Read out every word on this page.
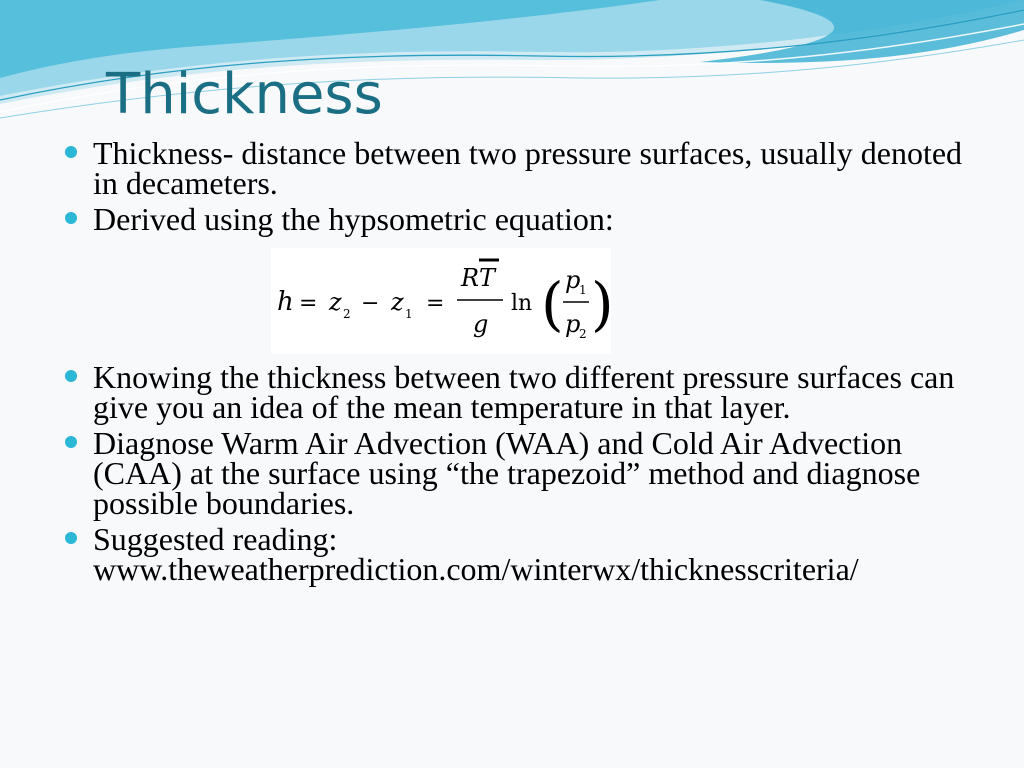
Thickness
Thickness- distance between two pressure surfaces, usually denoted in decameters.
Derived using the hypsometric equation:
h = z 2 − z 1 =
R T
g
ln ( p
1
p
2 )
Knowing the thickness between two different pressure surfaces can give you an idea of the mean temperature in that layer.
Diagnose Warm Air Advection (WAA) and Cold Air Advection (CAA) at the surface using “the trapezoid” method and diagnose possible boundaries.
Suggested reading:
www.theweatherprediction.com/winterwx/thicknesscriteria/
